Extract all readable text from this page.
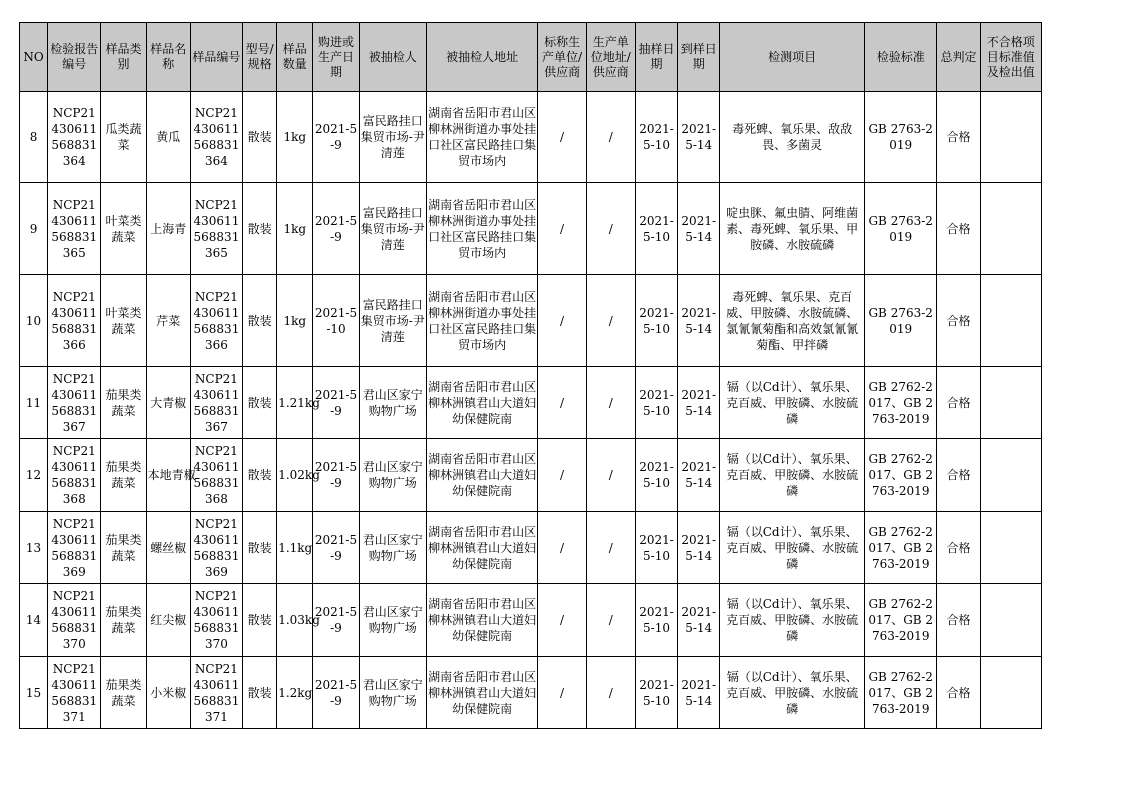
NO	检验报告编号	样品类别	样品名称	样品编号	型号/规格	样品数量	购进或生产日期	被抽检人	被抽检人地址	标称生产单位/供应商	生产单位地址/供应商	抽样日期	到样日期	检测项目	检验标准	总判定	不合格项目标准值及检出值
8	NCP21430611568831364	瓜类蔬菜	黄瓜	NCP21430611568831364	散装	1kg	2021-5-9	富民路挂口集贸市场-尹清莲	湖南省岳阳市君山区柳林洲街道办事处挂口社区富民路挂口集贸市场内	/	/	2021-5-10	2021-5-14	毒死蜱、氧乐果、敌敌畏、多菌灵	GB 2763-2019	合格	
9	NCP21430611568831365	叶菜类蔬菜	上海青	NCP21430611568831365	散装	1kg	2021-5-9	富民路挂口集贸市场-尹清莲	湖南省岳阳市君山区柳林洲街道办事处挂口社区富民路挂口集贸市场内	/	/	2021-5-10	2021-5-14	啶虫脒、氟虫腈、阿维菌素、毒死蜱、氧乐果、甲胺磷、水胺硫磷	GB 2763-2019	合格	
10	NCP21430611568831366	叶菜类蔬菜	芹菜	NCP21430611568831366	散装	1kg	2021-5-10	富民路挂口集贸市场-尹清莲	湖南省岳阳市君山区柳林洲街道办事处挂口社区富民路挂口集贸市场内	/	/	2021-5-10	2021-5-14	毒死蜱、氧乐果、克百威、甲胺磷、水胺硫磷、氯氰氰菊酯和高效氯氰氰菊酯、甲拌磷	GB 2763-2019	合格	
11	NCP21430611568831367	茄果类蔬菜	大青椒	NCP21430611568831367	散装	1.21kg	2021-5-9	君山区家宁购物广场	湖南省岳阳市君山区柳林洲镇君山大道妇幼保健院南	/	/	2021-5-10	2021-5-14	镉（以Cd计）、氧乐果、克百威、甲胺磷、水胺硫磷	GB 2762-2017、GB 2763-2019	合格	
12	NCP21430611568831368	茄果类蔬菜	本地青椒	NCP21430611568831368	散装	1.02kg	2021-5-9	君山区家宁购物广场	湖南省岳阳市君山区柳林洲镇君山大道妇幼保健院南	/	/	2021-5-10	2021-5-14	镉（以Cd计）、氧乐果、克百威、甲胺磷、水胺硫磷	GB 2762-2017、GB 2763-2019	合格	
13	NCP21430611568831369	茄果类蔬菜	螺丝椒	NCP21430611568831369	散装	1.1kg	2021-5-9	君山区家宁购物广场	湖南省岳阳市君山区柳林洲镇君山大道妇幼保健院南	/	/	2021-5-10	2021-5-14	镉（以Cd计）、氧乐果、克百威、甲胺磷、水胺硫磷	GB 2762-2017、GB 2763-2019	合格	
14	NCP21430611568831370	茄果类蔬菜	红尖椒	NCP21430611568831370	散装	1.03kg	2021-5-9	君山区家宁购物广场	湖南省岳阳市君山区柳林洲镇君山大道妇幼保健院南	/	/	2021-5-10	2021-5-14	镉（以Cd计）、氧乐果、克百威、甲胺磷、水胺硫磷	GB 2762-2017、GB 2763-2019	合格	
15	NCP21430611568831371	茄果类蔬菜	小米椒	NCP21430611568831371	散装	1.2kg	2021-5-9	君山区家宁购物广场	湖南省岳阳市君山区柳林洲镇君山大道妇幼保健院南	/	/	2021-5-10	2021-5-14	镉（以Cd计）、氧乐果、克百威、甲胺磷、水胺硫磷	GB 2762-2017、GB 2763-2019	合格	
